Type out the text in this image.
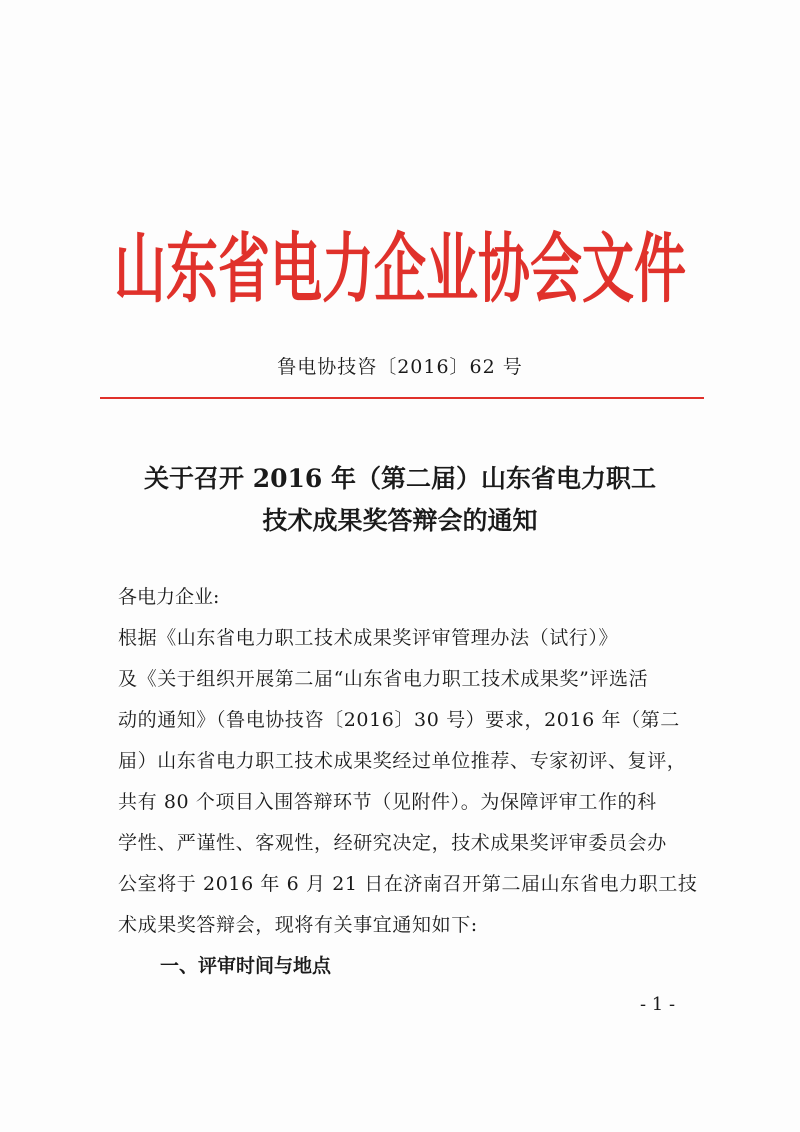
山东省电力企业协会文件
鲁电协技咨〔2016〕62 号
关于召开 2016 年（第二届）山东省电力职工
技术成果奖答辩会的通知
各电力企业:
根据《山东省电力职工技术成果奖评审管理办法（试行）》
及《关于组织开展第二届“山东省电力职工技术成果奖”评选活
动的通知》（鲁电协技咨〔2016〕30 号）要求，2016 年（第二
届）山东省电力职工技术成果奖经过单位推荐、专家初评、复评，
共有 80 个项目入围答辩环节（见附件）。为保障评审工作的科
学性、严谨性、客观性，经研究决定，技术成果奖评审委员会办
公室将于 2016 年 6 月 21 日在济南召开第二届山东省电力职工技
术成果奖答辩会，现将有关事宜通知如下:
一、评审时间与地点
- 1 -
